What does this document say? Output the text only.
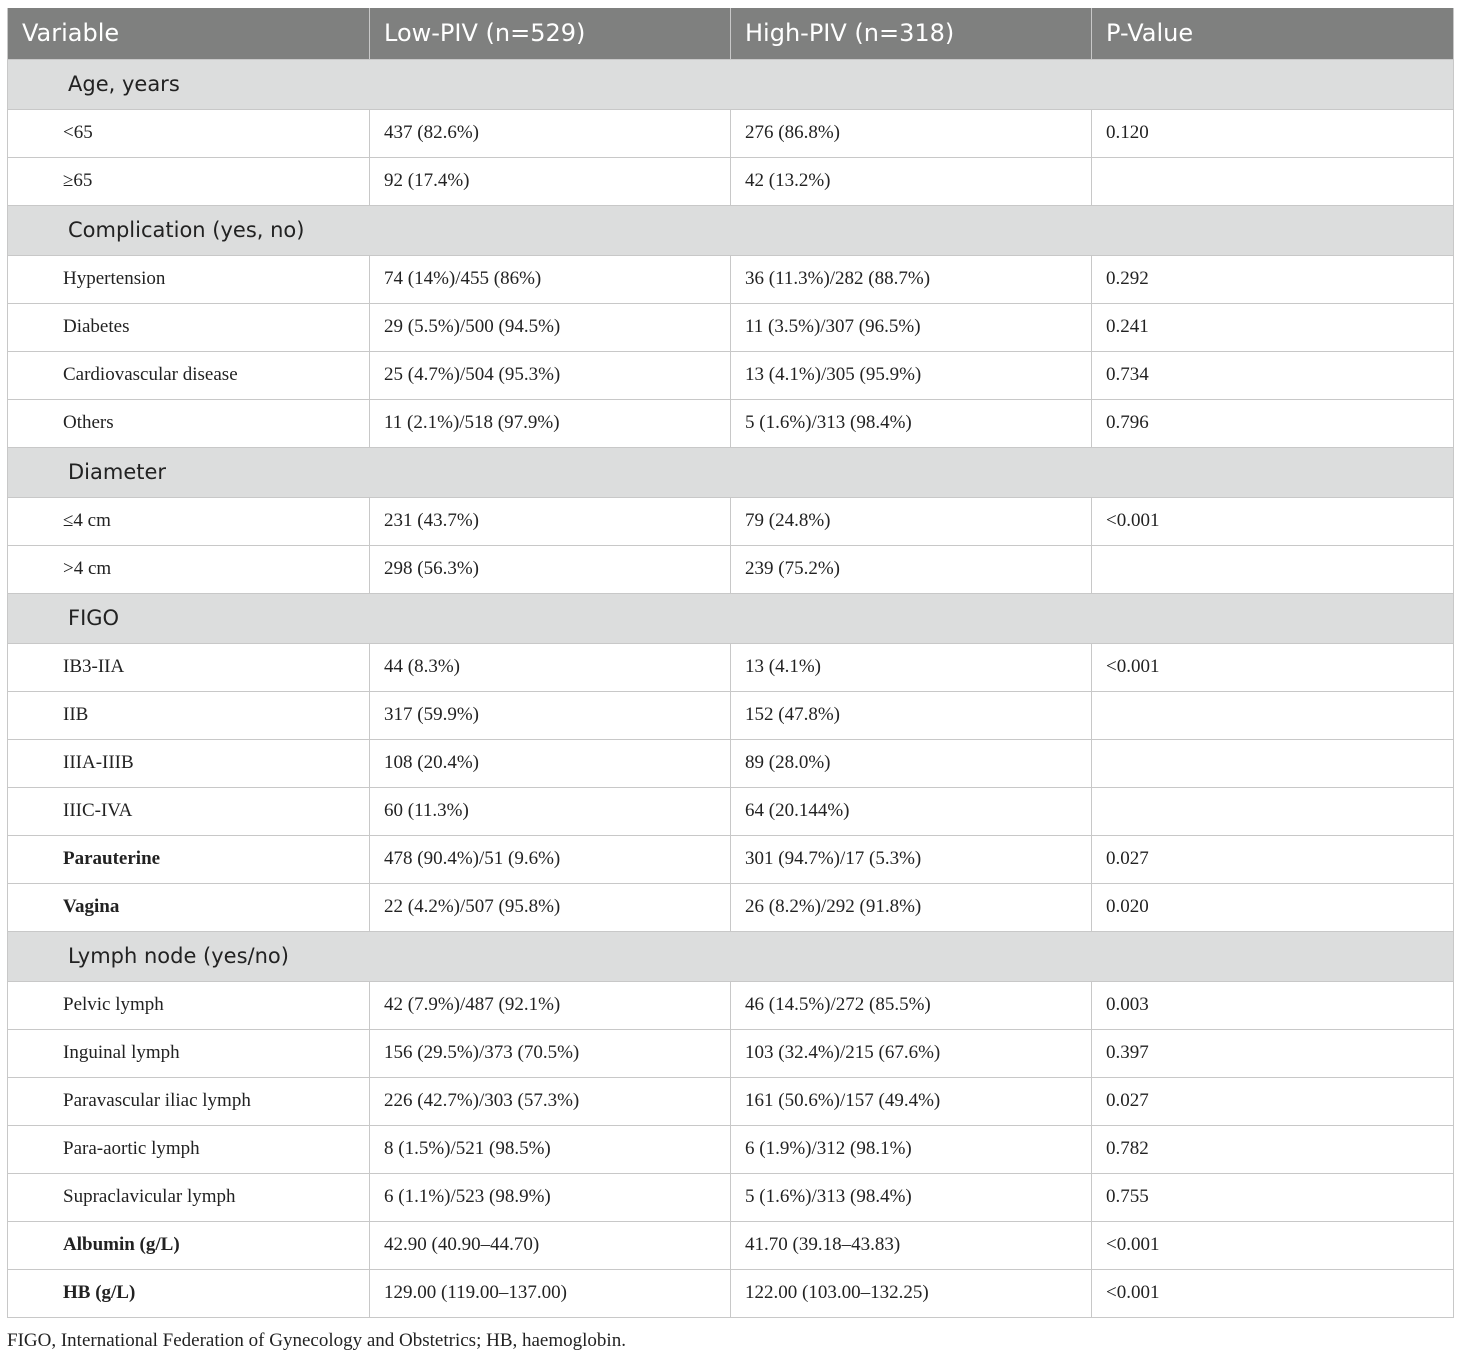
Variable	Low-PIV (n=529)	High-PIV (n=318)	P-Value
Age, years			
<65	437 (82.6%)	276 (86.8%)	0.120
≥65	92 (17.4%)	42 (13.2%)	
Complication (yes, no)			
Hypertension	74 (14%)/455 (86%)	36 (11.3%)/282 (88.7%)	0.292
Diabetes	29 (5.5%)/500 (94.5%)	11 (3.5%)/307 (96.5%)	0.241
Cardiovascular disease	25 (4.7%)/504 (95.3%)	13 (4.1%)/305 (95.9%)	0.734
Others	11 (2.1%)/518 (97.9%)	5 (1.6%)/313 (98.4%)	0.796
Diameter			
≤4 cm	231 (43.7%)	79 (24.8%)	<0.001
>4 cm	298 (56.3%)	239 (75.2%)	
FIGO			
IB3-IIA	44 (8.3%)	13 (4.1%)	<0.001
IIB	317 (59.9%)	152 (47.8%)	
IIIA-IIIB	108 (20.4%)	89 (28.0%)	
IIIC-IVA	60 (11.3%)	64 (20.144%)	
Parauterine	478 (90.4%)/51 (9.6%)	301 (94.7%)/17 (5.3%)	0.027
Vagina	22 (4.2%)/507 (95.8%)	26 (8.2%)/292 (91.8%)	0.020
Lymph node (yes/no)			
Pelvic lymph	42 (7.9%)/487 (92.1%)	46 (14.5%)/272 (85.5%)	0.003
Inguinal lymph	156 (29.5%)/373 (70.5%)	103 (32.4%)/215 (67.6%)	0.397
Paravascular iliac lymph	226 (42.7%)/303 (57.3%)	161 (50.6%)/157 (49.4%)	0.027
Para-aortic lymph	8 (1.5%)/521 (98.5%)	6 (1.9%)/312 (98.1%)	0.782
Supraclavicular lymph	6 (1.1%)/523 (98.9%)	5 (1.6%)/313 (98.4%)	0.755
Albumin (g/L)	42.90 (40.90–44.70)	41.70 (39.18–43.83)	<0.001
HB (g/L)	129.00 (119.00–137.00)	122.00 (103.00–132.25)	<0.001
FIGO, International Federation of Gynecology and Obstetrics; HB, haemoglobin.
